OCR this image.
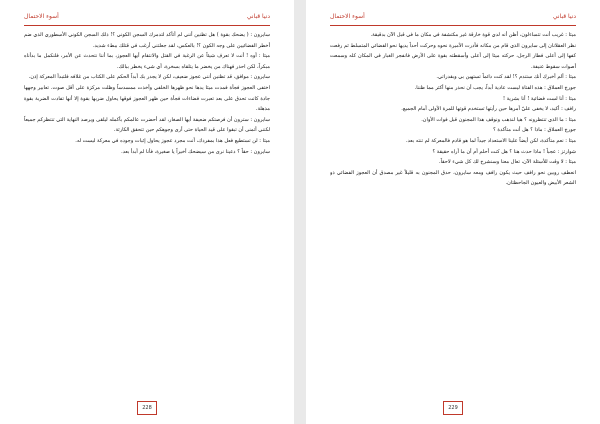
أسوء الاحتمال	دنيا قباني

سايرون : ( يضحك بقوة ) هل تظنين أنني لم أتأكد لتدمرك السجن الكوني ؟! ذلك السجن الكوني الأسطوري الذي ضم أخطر الفضائيين على وجه الكون ؟! بالعكس، لقد جعلتني أرغب في قتلك ببطء شديد.

ميثا : أوه ! أنت لا تعرف شيئاً عن الرغبة في القتل والانتقام أيها العجوز، بما أننا نتحدث عن الأمر، فلنكمل ما بدأناه مبكراً، لكن احذر فهناك من يخضر ما يتلقاه بسخرة، أي شيء يخطر ببالك.

سايرون : موافق، قد تظنين أنني عجوز ضعيف، لكن لا يجدر بك أبداً الحكم على الكتاب من غلافه فلتبدأ المعركة إذن.

اختفى العجوز فجأة فمدت ميثا يدها نحو ظهرها الخلفي وأخذت ممسدساً وظلت مركزة على أقل صوت. تعابير وجهها جادة كانت تحدق على بعد تعبرت فضاءات فجأة حين ظهر العجوز فوقها يحاول ضربها بقوة إلا أنها تفادت الضربة بقوة مذهلة.

سايرون : سترون أن فرصتكم ضعيفة أيها الصغار، لقد أحضرت عالمكم بأكمله ليلقى ويرصد النهاية التي تنتظركم جميعاً لكنني أتمنى أن تبقوا على قيد الحياة حتى أرى وجوهكم حين تتحقق الكارثة.

ميثا : لن تستطيع فعل هذا بمفردك، أنت مجرد عجوز يحاول إثبات وجوده في معركة ليست له.

سايرون : حقاً ؟ دعينا نرى من سيضحك أخيراً يا صغيرة، فأنا لم أبدأ بعد.

228
أسوء الاحتمال	دنيا قباني

ميثا : غريب أنت تتساءلون، أظن أنه لدي قوة خارقة غير مكتشفة في مكان ما في قبل الآن بدقيقة.

نظر العقلانان إلى سايرون الذي قام من مكانه فأدرت الأميرة نحوه وحركت أحداً يديها نحو الفضائي المتسلط ثم رفعت كفها إلى أعلى فطار الرجل، حركته ميثا إلى أعلى وأسقطته بقوة على الأرض فانفجر الغبار في المكان كله وسمعت أصوات سقوط عنيفة.

ميثا : ألم أخبرك أنك ستندم ؟! لقد كنت دائماً تستهين بي وبقدراتي.

جورج العملاق : هذه الفتاة ليست عادية أبداً، يجب أن نحذر منها أكثر مما ظننا.

ميثا : أنا لست فضائية ! أنا بشرية !

رافف : أكيد، لا يخفى عليّ أمرها حين رأيتها تستخدم قوتها للمرة الأولى أمام الجميع.

ميثا : ما الذي تنتظرونه ؟ هيا لنذهب ونوقف هذا المجنون قبل فوات الأوان.

جورج العملاق : ماذا ؟ هل أنت متأكدة ؟

ميثا : نعم متأكدة، لكن أيضاً علينا الاستعداد جيداً لما هو قادم فالمعركة لم تنته بعد.

شوارتز : عجباً ! ماذا حدث هنا ؟ هل كنت أحلم أم أن ما أراه حقيقة ؟

ميثا : لا وقت للأسئلة الآن، تعال معنا وسنشرح لك كل شيء لاحقاً.

انعطف روبين نحو رافف حيث يكون رافف ومعه سايرون، حدق المجنون به قليلاً غير مصدق أن العجوز الفضائي ذو الشعر الأبيض والعيون الجاحظتان.

229
